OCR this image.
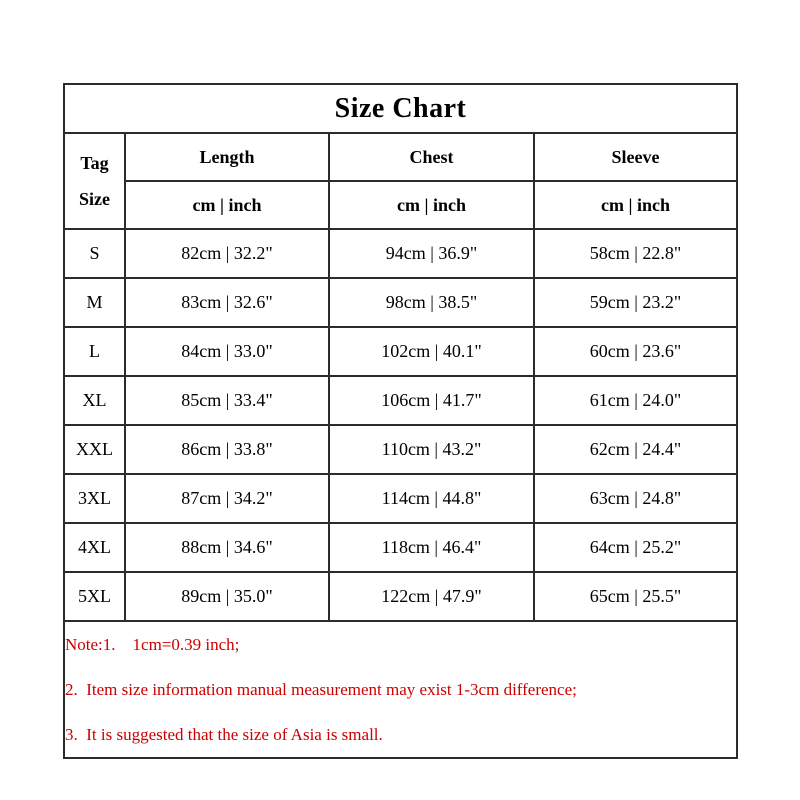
Size Chart			

Tag
Size	Length	Chest	Sleeve
	cm | inch	cm | inch	cm | inch
S	82cm | 32.2"	94cm | 36.9"	58cm | 22.8"
M	83cm | 32.6"	98cm | 38.5"	59cm | 23.2"
L	84cm | 33.0"	102cm | 40.1"	60cm | 23.6"
XL	85cm | 33.4"	106cm | 41.7"	61cm | 24.0"
XXL	86cm | 33.8"	110cm | 43.2"	62cm | 24.4"
3XL	87cm | 34.2"	114cm | 44.8"	63cm | 24.8"
4XL	88cm | 34.6"	118cm | 46.4"	64cm | 25.2"
5XL	89cm | 35.0"	122cm | 47.9"	65cm | 25.5"

Note:1.    1cm=0.39 inch;
2.  Item size information manual measurement may exist 1-3cm difference;
3.  It is suggested that the size of Asia is small.			
